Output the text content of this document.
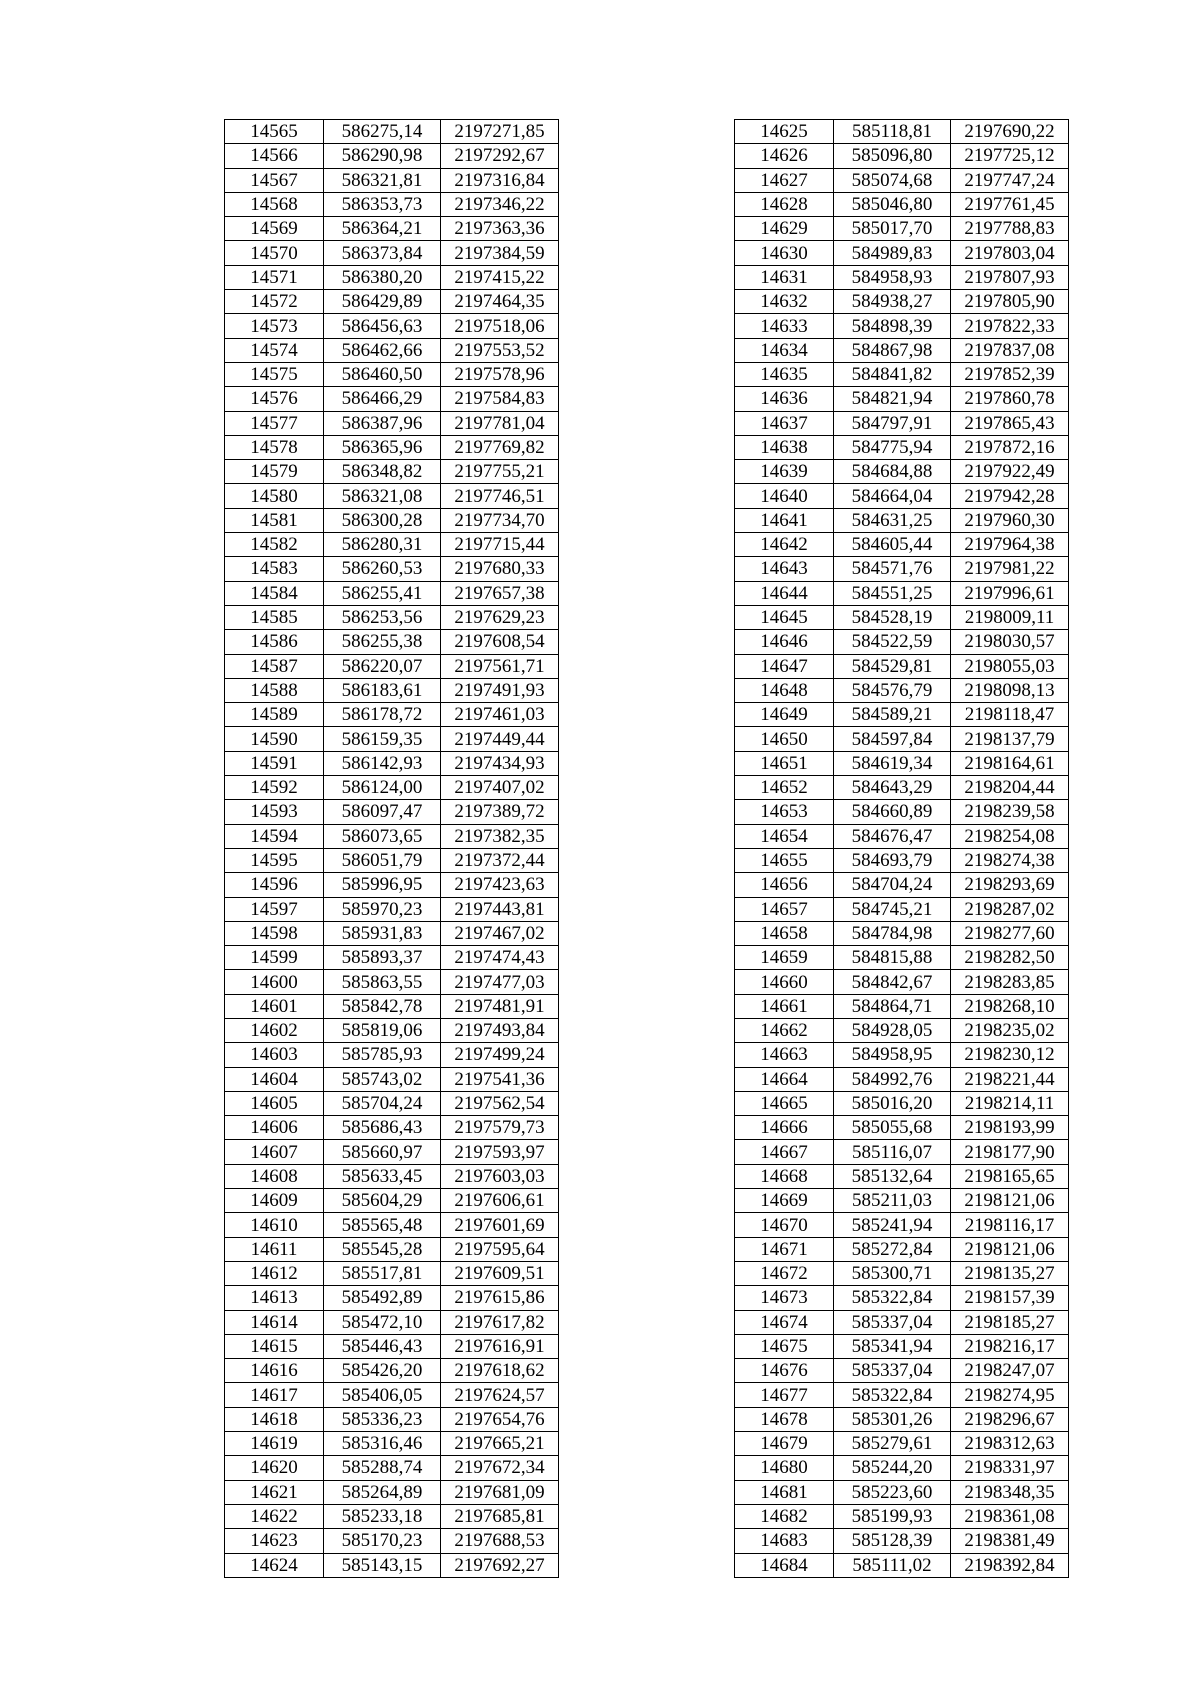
14565	586275,14	2197271,85
14566	586290,98	2197292,67
14567	586321,81	2197316,84
14568	586353,73	2197346,22
14569	586364,21	2197363,36
14570	586373,84	2197384,59
14571	586380,20	2197415,22
14572	586429,89	2197464,35
14573	586456,63	2197518,06
14574	586462,66	2197553,52
14575	586460,50	2197578,96
14576	586466,29	2197584,83
14577	586387,96	2197781,04
14578	586365,96	2197769,82
14579	586348,82	2197755,21
14580	586321,08	2197746,51
14581	586300,28	2197734,70
14582	586280,31	2197715,44
14583	586260,53	2197680,33
14584	586255,41	2197657,38
14585	586253,56	2197629,23
14586	586255,38	2197608,54
14587	586220,07	2197561,71
14588	586183,61	2197491,93
14589	586178,72	2197461,03
14590	586159,35	2197449,44
14591	586142,93	2197434,93
14592	586124,00	2197407,02
14593	586097,47	2197389,72
14594	586073,65	2197382,35
14595	586051,79	2197372,44
14596	585996,95	2197423,63
14597	585970,23	2197443,81
14598	585931,83	2197467,02
14599	585893,37	2197474,43
14600	585863,55	2197477,03
14601	585842,78	2197481,91
14602	585819,06	2197493,84
14603	585785,93	2197499,24
14604	585743,02	2197541,36
14605	585704,24	2197562,54
14606	585686,43	2197579,73
14607	585660,97	2197593,97
14608	585633,45	2197603,03
14609	585604,29	2197606,61
14610	585565,48	2197601,69
14611	585545,28	2197595,64
14612	585517,81	2197609,51
14613	585492,89	2197615,86
14614	585472,10	2197617,82
14615	585446,43	2197616,91
14616	585426,20	2197618,62
14617	585406,05	2197624,57
14618	585336,23	2197654,76
14619	585316,46	2197665,21
14620	585288,74	2197672,34
14621	585264,89	2197681,09
14622	585233,18	2197685,81
14623	585170,23	2197688,53
14624	585143,15	2197692,27
14625	585118,81	2197690,22
14626	585096,80	2197725,12
14627	585074,68	2197747,24
14628	585046,80	2197761,45
14629	585017,70	2197788,83
14630	584989,83	2197803,04
14631	584958,93	2197807,93
14632	584938,27	2197805,90
14633	584898,39	2197822,33
14634	584867,98	2197837,08
14635	584841,82	2197852,39
14636	584821,94	2197860,78
14637	584797,91	2197865,43
14638	584775,94	2197872,16
14639	584684,88	2197922,49
14640	584664,04	2197942,28
14641	584631,25	2197960,30
14642	584605,44	2197964,38
14643	584571,76	2197981,22
14644	584551,25	2197996,61
14645	584528,19	2198009,11
14646	584522,59	2198030,57
14647	584529,81	2198055,03
14648	584576,79	2198098,13
14649	584589,21	2198118,47
14650	584597,84	2198137,79
14651	584619,34	2198164,61
14652	584643,29	2198204,44
14653	584660,89	2198239,58
14654	584676,47	2198254,08
14655	584693,79	2198274,38
14656	584704,24	2198293,69
14657	584745,21	2198287,02
14658	584784,98	2198277,60
14659	584815,88	2198282,50
14660	584842,67	2198283,85
14661	584864,71	2198268,10
14662	584928,05	2198235,02
14663	584958,95	2198230,12
14664	584992,76	2198221,44
14665	585016,20	2198214,11
14666	585055,68	2198193,99
14667	585116,07	2198177,90
14668	585132,64	2198165,65
14669	585211,03	2198121,06
14670	585241,94	2198116,17
14671	585272,84	2198121,06
14672	585300,71	2198135,27
14673	585322,84	2198157,39
14674	585337,04	2198185,27
14675	585341,94	2198216,17
14676	585337,04	2198247,07
14677	585322,84	2198274,95
14678	585301,26	2198296,67
14679	585279,61	2198312,63
14680	585244,20	2198331,97
14681	585223,60	2198348,35
14682	585199,93	2198361,08
14683	585128,39	2198381,49
14684	585111,02	2198392,84
